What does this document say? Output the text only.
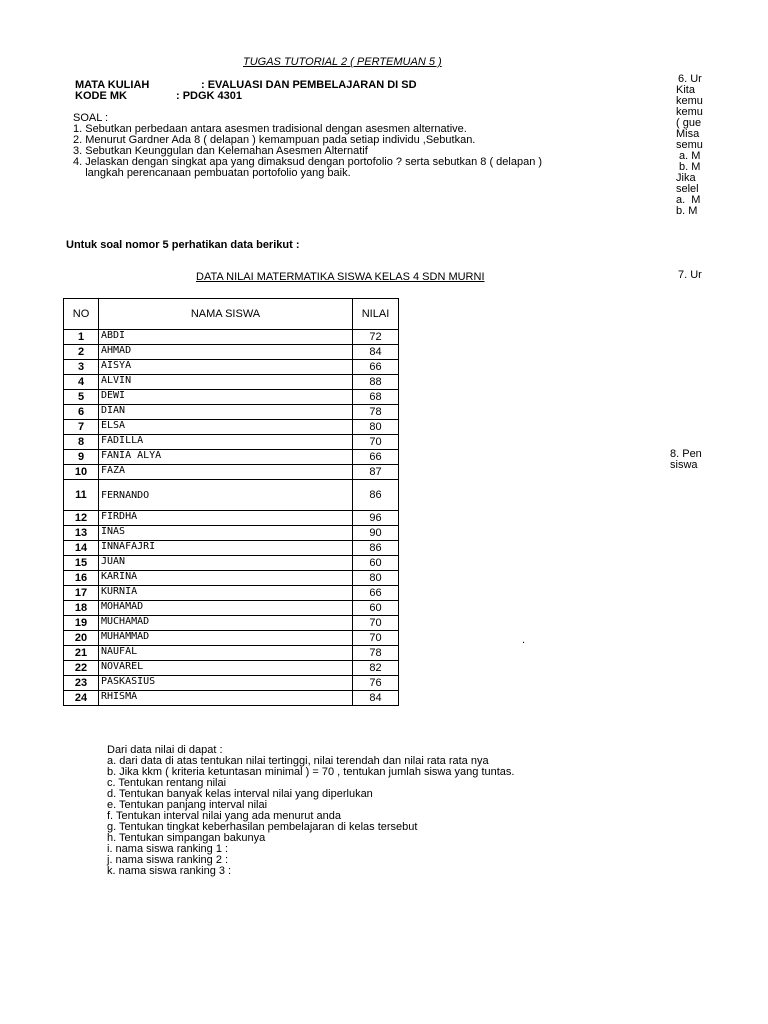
TUGAS TUTORIAL 2 ( PERTEMUAN 5 )
MATA KULIAH	: EVALUASI DAN PEMBELAJARAN DI SD
KODE MK	: PDGK 4301
SOAL :
1. Sebutkan perbedaan antara asesmen tradisional dengan asesmen alternative.
2. Menurut Gardner Ada 8 ( delapan ) kemampuan pada setiap individu ,Sebutkan.
3. Sebutkan Keunggulan dan Kelemahan Asesmen Alternatif
4. Jelaskan dengan singkat apa yang dimaksud dengan portofolio ? serta sebutkan 8 ( delapan )
langkah perencanaan pembuatan portofolio yang baik.
Untuk soal nomor 5 perhatikan data berikut :
DATA NILAI MATERMATIKA SISWA KELAS 4 SDN MURNI
NO	NAMA SISWA	NILAI
1	ABDI	72
2	AHMAD	84
3	AISYA	66
4	ALVIN	88
5	DEWI	68
6	DIAN	78
7	ELSA	80
8	FADILLA	70
9	FANIA ALYA	66
10	FAZA	87
11	FERNANDO	86
12	FIRDHA	96
13	INAS	90
14	INNAFAJRI	86
15	JUAN	60
16	KARINA	80
17	KURNIA	66
18	MOHAMAD	60
19	MUCHAMAD	70
20	MUHAMMAD	70
21	NAUFAL	78
22	NOVAREL	82
23	PASKASIUS	76
24	RHISMA	84
Dari data nilai di dapat :
a. dari data di atas tentukan nilai tertinggi, nilai terendah dan nilai rata rata nya
b. Jika kkm ( kriteria ketuntasan minimal ) = 70 , tentukan jumlah siswa yang tuntas.
c. Tentukan rentang nilai
d. Tentukan banyak kelas interval nilai yang diperlukan
e. Tentukan panjang interval nilai
f. Tentukan interval nilai yang ada menurut anda
g. Tentukan tingkat keberhasilan pembelajaran di kelas tersebut
h. Tentukan simpangan bakunya
i. nama siswa ranking 1 :
j. nama siswa ranking 2 :
k. nama siswa ranking 3 :
6. Ur
Kita
kemu
kemu
( gue
Misa
semu
a. M
b. M
Jika
selel
a.  M
b. M
7. Ur
8. Pen
siswa
.
